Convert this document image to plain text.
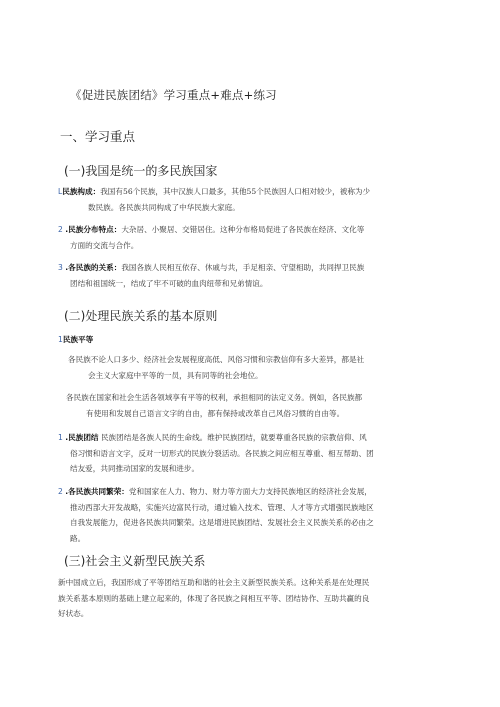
《促进民族团结》学习重点+难点+练习
一、学习重点
(一)我国是统一的多民族国家
L民族构成：我国有56个民族，其中汉族人口最多，其他55个民族因人口相对较少，被称为少
数民族。各民族共同构成了中华民族大家庭。
2 .民族分布特点：大杂居、小聚居、交错居住。这种分布格局促进了各民族在经济、文化等
方面的交流与合作。
3 .各民族的关系：我国各族人民相互依存、休戚与共，手足相亲、守望相助，共同捍卫民族
团结和祖国统一，结成了牢不可破的血肉纽带和兄弟情谊。
(二)处理民族关系的基本原则
1民族平等
各民族不论人口多少、经济社会发展程度高低、风俗习惯和宗教信仰有多大差异，都是社
会主义大家庭中平等的一员，具有同等的社会地位。
各民族在国家和社会生活各领域享有平等的权利，承担相同的法定义务。例如，各民族都
有使用和发展自己语言文字的自由，都有保持或改革自己风俗习惯的自由等。
1 .民族团结 民族团结是各族人民的生命线。维护民族团结，就要尊重各民族的宗教信仰、风
俗习惯和语言文字，反对一切形式的民族分裂活动。各民族之间应相互尊重、相互帮助、团
结友爱，共同推动国家的发展和进步。
2 .各民族共同繁荣：党和国家在人力、物力、财力等方面大力支持民族地区的经济社会发展，
推动西部大开发战略，实施兴边富民行动，通过输入技术、管理、人才等方式增强民族地区
自我发展能力，促进各民族共同繁荣。这是增进民族团结、发展社会主义民族关系的必由之
路。
(三)社会主义新型民族关系
新中国成立后，我国形成了平等团结互助和谐的社会主义新型民族关系。这种关系是在处理民
族关系基本原则的基础上建立起来的，体现了各民族之间相互平等、团结协作、互助共赢的良
好状态。
